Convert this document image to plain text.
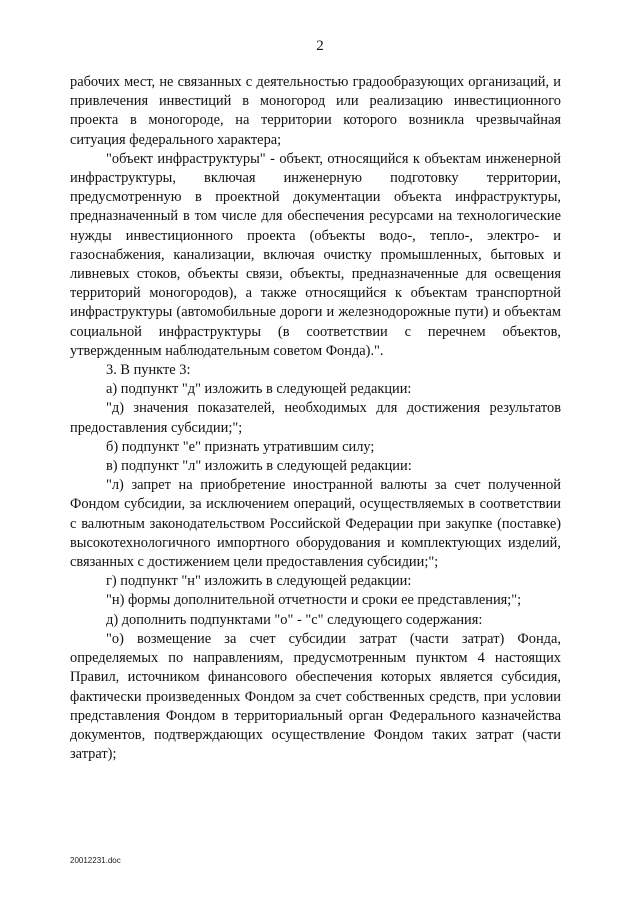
2

рабочих мест, не связанных с деятельностью градообразующих организаций, и привлечения инвестиций в моногород или реализацию инвестиционного проекта в моногороде, на территории которого возникла чрезвычайная ситуация федерального характера;

"объект инфраструктуры" - объект, относящийся к объектам инженерной инфраструктуры, включая инженерную подготовку территории, предусмотренную в проектной документации объекта инфраструктуры, предназначенный в том числе для обеспечения ресурсами на технологические нужды инвестиционного проекта (объекты водо-, тепло-, электро- и газоснабжения, канализации, включая очистку промышленных, бытовых и ливневых стоков, объекты связи, объекты, предназначенные для освещения территорий моногородов), а также относящийся к объектам транспортной инфраструктуры (автомобильные дороги и железнодорожные пути) и объектам социальной инфраструктуры (в соответствии с перечнем объектов, утвержденным наблюдательным советом Фонда).".

3. В пункте 3:

а) подпункт "д" изложить в следующей редакции:

"д) значения показателей, необходимых для достижения результатов предоставления субсидии;";

б) подпункт "е" признать утратившим силу;

в) подпункт "л" изложить в следующей редакции:

"л) запрет на приобретение иностранной валюты за счет полученной Фондом субсидии, за исключением операций, осуществляемых в соответствии с валютным законодательством Российской Федерации при закупке (поставке) высокотехнологичного импортного оборудования и комплектующих изделий, связанных с достижением цели предоставления субсидии;";

г) подпункт "н" изложить в следующей редакции:

"н) формы дополнительной отчетности и сроки ее представления;";

д) дополнить подпунктами "о" - "с" следующего содержания:

"о) возмещение за счет субсидии затрат (части затрат) Фонда, определяемых по направлениям, предусмотренным пунктом 4 настоящих Правил, источником финансового обеспечения которых является субсидия, фактически произведенных Фондом за счет собственных средств, при условии представления Фондом в территориальный орган Федерального казначейства документов, подтверждающих осуществление Фондом таких затрат (части затрат);

20012231.doc
